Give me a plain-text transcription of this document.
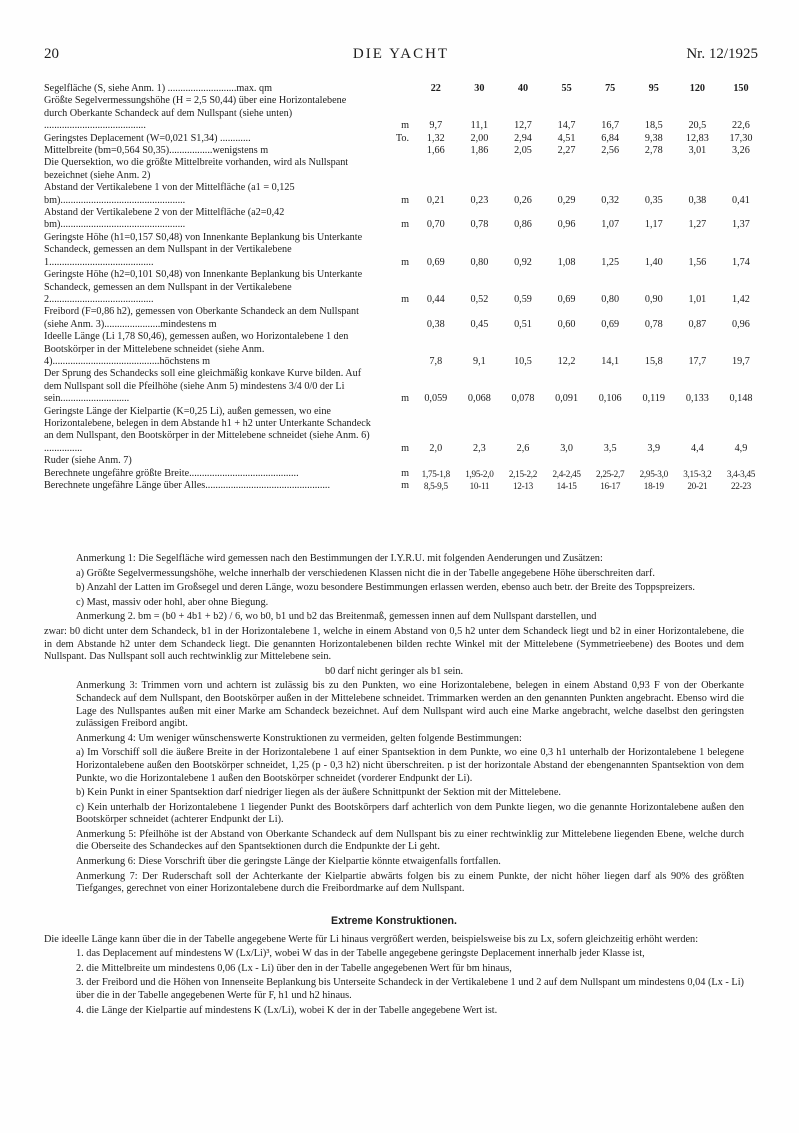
20	DIE YACHT	Nr. 12/1925
Segelfläche (S, siehe Anm. 1) ...........................max. qm		22	30	40	55	75	95	120	150
Größte Segelvermessungshöhe (H = 2,5 S0,44) über eine Horizontalebene durch Oberkante Schandeck auf dem Nullspant (siehe unten) ........................................	m	9,7	11,1	12,7	14,7	16,7	18,5	20,5	22,6
Geringstes Deplacement (W=0,021 S1,34) ............	To.	1,32	2,00	2,94	4,51	6,84	9,38	12,83	17,30
Mittelbreite (bm=0,564 S0,35).................wenigstens m		1,66	1,86	2,05	2,27	2,56	2,78	3,01	3,26
Die Quersektion, wo die größte Mittelbreite vorhanden, wird als Nullspant bezeichnet (siehe Anm. 2)									
Abstand der Vertikalebene 1 von der Mittelfläche (a1 = 0,125 bm).................................................	m	0,21	0,23	0,26	0,29	0,32	0,35	0,38	0,41
Abstand der Vertikalebene 2 von der Mittelfläche (a2=0,42 bm).................................................	m	0,70	0,78	0,86	0,96	1,07	1,17	1,27	1,37
Geringste Höhe (h1=0,157 S0,48) von Innenkante Beplankung bis Unterkante Schandeck, gemessen an dem Nullspant in der Vertikalebene 1.........................................	m	0,69	0,80	0,92	1,08	1,25	1,40	1,56	1,74
Geringste Höhe (h2=0,101 S0,48) von Innenkante Beplankung bis Unterkante Schandeck, gemessen an dem Nullspant in der Vertikalebene 2.........................................	m	0,44	0,52	0,59	0,69	0,80	0,90	1,01	1,42
Freibord (F=0,86 h2), gemessen von Oberkante Schandeck an dem Nullspant (siehe Anm. 3)......................mindestens m		0,38	0,45	0,51	0,60	0,69	0,78	0,87	0,96
Ideelle Länge (Li 1,78 S0,46), gemessen außen, wo Horizontalebene 1 den Bootskörper in der Mittelebene schneidet (siehe Anm. 4)..........................................höchstens m		7,8	9,1	10,5	12,2	14,1	15,8	17,7	19,7
Der Sprung des Schandecks soll eine gleichmäßig konkave Kurve bilden. Auf dem Nullspant soll die Pfeilhöhe (siehe Anm 5) mindestens 3/4 0/0 der Li sein...........................	m	0,059	0,068	0,078	0,091	0,106	0,119	0,133	0,148
Geringste Länge der Kielpartie (K=0,25 Li), außen gemessen, wo eine Horizontalebene, belegen in dem Abstande h1 + h2 unter Unterkante Schandeck an dem Nullspant, den Bootskörper in der Mittelebene schneidet (siehe Anm. 6) ...............	m	2,0	2,3	2,6	3,0	3,5	3,9	4,4	4,9
Ruder (siehe Anm. 7)									
Berechnete ungefähre größte Breite...........................................	m	1,75-1,8	1,95-2,0	2,15-2,2	2,4-2,45	2,25-2,7	2,95-3,0	3,15-3,2	3,4-3,45
Berechnete ungefähre Länge über Alles.................................................	m	8,5-9,5	10-11	12-13	14-15	16-17	18-19	20-21	22-23

Anmerkung 1: Die Segelfläche wird gemessen nach den Bestimmungen der I.Y.R.U. mit folgenden Aenderungen und Zusätzen:

a) Größte Segelvermessungshöhe, welche innerhalb der verschiedenen Klassen nicht die in der Tabelle angegebene Höhe überschreiten darf.

b) Anzahl der Latten im Großsegel und deren Länge, wozu besondere Bestimmungen erlassen werden, ebenso auch betr. der Breite des Toppspreizers.

c) Mast, massiv oder hohl, aber ohne Biegung.

Anmerkung 2. bm = (b0 + 4b1 + b2) / 6, wo b0, b1 und b2 das Breitenmaß, gemessen innen auf dem Nullspant darstellen, und

zwar: b0 dicht unter dem Schandeck, b1 in der Horizontalebene 1, welche in einem Abstand von 0,5 h2 unter dem Schandeck liegt und b2 in einer Horizontalebene, die in dem Abstande h2 unter dem Schandeck liegt. Die genannten Horizontalebenen bilden rechte Winkel mit der Mittelebene (Symmetrieebene) des Bootes und dem Nullspant. Das Nullspant soll auch rechtwinklig zur Mittelebene sein.

b0 darf nicht geringer als b1 sein.

Anmerkung 3: Trimmen vorn und achtern ist zulässig bis zu den Punkten, wo eine Horizontalebene, belegen in einem Abstand 0,93 F von der Oberkante Schandeck auf dem Nullspant, den Bootskörper außen in der Mittelebene schneidet. Trimmarken werden an den genannten Punkten angebracht. Ebenso wird die Lage des Nullspantes außen mit einer Marke am Schandeck bezeichnet. Auf dem Nullspant wird auch eine Marke angebracht, welche daselbst den geringsten zulässigen Freibord angibt.

Anmerkung 4: Um weniger wünschenswerte Konstruktionen zu vermeiden, gelten folgende Bestimmungen:

a) Im Vorschiff soll die äußere Breite in der Horizontalebene 1 auf einer Spantsektion in dem Punkte, wo eine 0,3 h1 unterhalb der Horizontalebene 1 belegene Horizontalebene außen den Bootskörper schneidet, 1,25 (p - 0,3 h2) nicht überschreiten. p ist der horizontale Abstand der ebengenannten Spantsektion von dem Punkte, wo die Horizontalebene 1 außen den Bootskörper schneidet (vorderer Endpunkt der Li).

b) Kein Punkt in einer Spantsektion darf niedriger liegen als der äußere Schnittpunkt der Sektion mit der Mittelebene.

c) Kein unterhalb der Horizontalebene 1 liegender Punkt des Bootskörpers darf achterlich von dem Punkte liegen, wo die genannte Horizontalebene außen den Bootskörper schneidet (achterer Endpunkt der Li).

Anmerkung 5: Pfeilhöhe ist der Abstand von Oberkante Schandeck auf dem Nullspant bis zu einer rechtwinklig zur Mittelebene liegenden Ebene, welche durch die Oberseite des Schandeckes auf den Spantsektionen durch die Endpunkte der Li geht.

Anmerkung 6: Diese Vorschrift über die geringste Länge der Kielpartie könnte etwaigenfalls fortfallen.

Anmerkung 7: Der Ruderschaft soll der Achterkante der Kielpartie abwärts folgen bis zu einem Punkte, der nicht höher liegen darf als 90% des größten Tiefganges, gerechnet von einer Horizontalebene durch die Freibordmarke auf dem Nullspant.

Extreme Konstruktionen.

Die ideelle Länge kann über die in der Tabelle angegebene Werte für Li hinaus vergrößert werden, beispielsweise bis zu Lx, sofern gleichzeitig erhöht werden:

1. das Deplacement auf mindestens W (Lx/Li)³, wobei W das in der Tabelle angegebene geringste Deplacement innerhalb jeder Klasse ist,

2. die Mittelbreite um mindestens 0,06 (Lx - Li) über den in der Tabelle angegebenen Wert für bm hinaus,

3. der Freibord und die Höhen von Innenseite Beplankung bis Unterseite Schandeck in der Vertikalebene 1 und 2 auf dem Nullspant um mindestens 0,04 (Lx - Li) über die in der Tabelle angegebenen Werte für F, h1 und h2 hinaus.

4. die Länge der Kielpartie auf mindestens K (Lx/Li), wobei K der in der Tabelle angegebene Wert ist.
